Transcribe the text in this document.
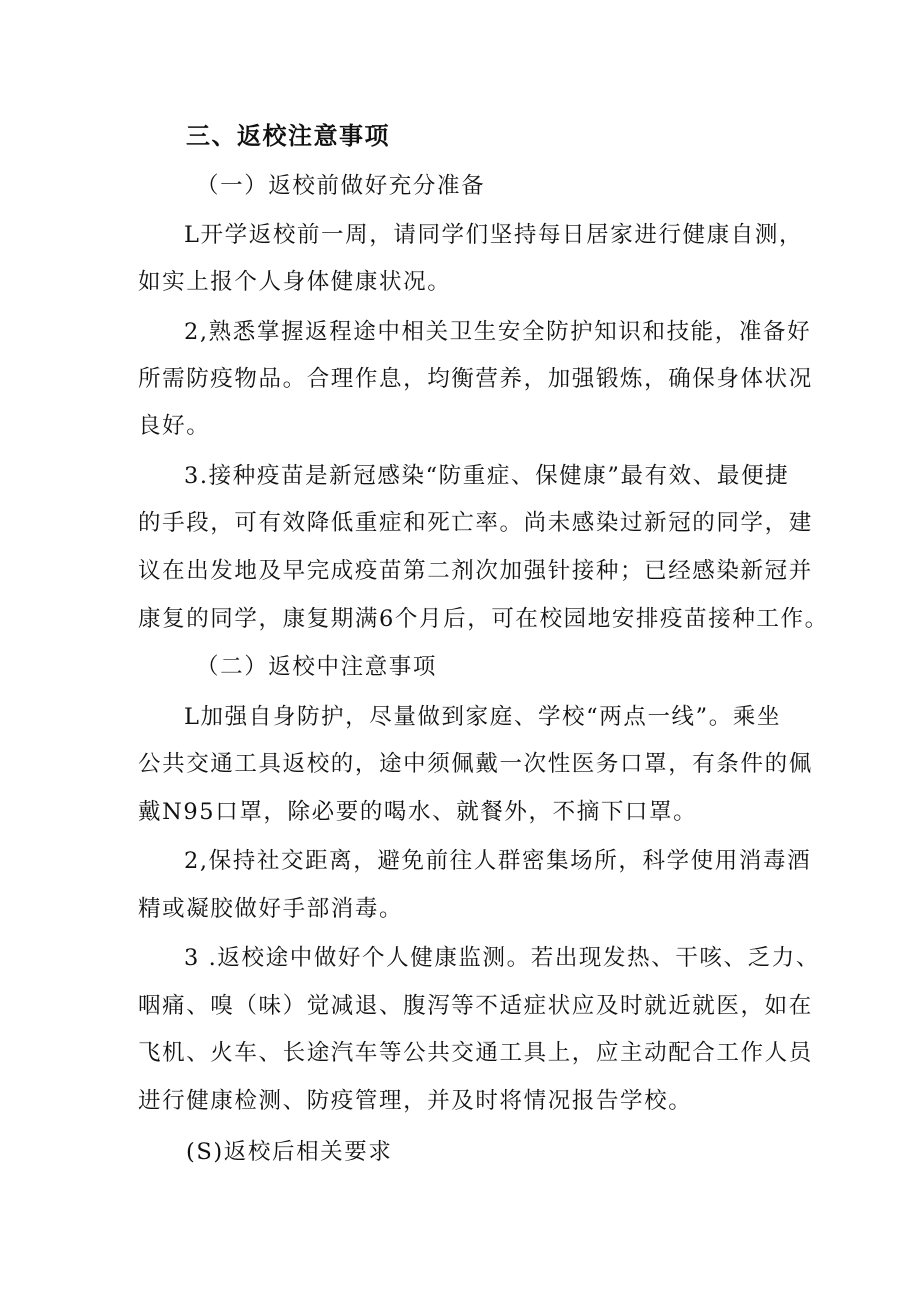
三、返校注意事项
（一）返校前做好充分准备
L开学返校前一周，请同学们坚持每日居家进行健康自测，
如实上报个人身体健康状况。
2,熟悉掌握返程途中相关卫生安全防护知识和技能，准备好
所需防疫物品。合理作息，均衡营养，加强锻炼，确保身体状况
良好。
3.接种疫苗是新冠感染“防重症、保健康”最有效、最便捷
的手段，可有效降低重症和死亡率。尚未感染过新冠的同学，建
议在出发地及早完成疫苗第二剂次加强针接种；已经感染新冠并
康复的同学，康复期满6个月后，可在校园地安排疫苗接种工作。
（二）返校中注意事项
L加强自身防护，尽量做到家庭、学校“两点一线”。乘坐
公共交通工具返校的，途中须佩戴一次性医务口罩，有条件的佩
戴N95口罩，除必要的喝水、就餐外，不摘下口罩。
2,保持社交距离，避免前往人群密集场所，科学使用消毒酒
精或凝胶做好手部消毒。
3 .返校途中做好个人健康监测。若出现发热、干咳、乏力、
咽痛、嗅（味）觉减退、腹泻等不适症状应及时就近就医，如在
飞机、火车、长途汽车等公共交通工具上，应主动配合工作人员
进行健康检测、防疫管理，并及时将情况报告学校。
(S)返校后相关要求
